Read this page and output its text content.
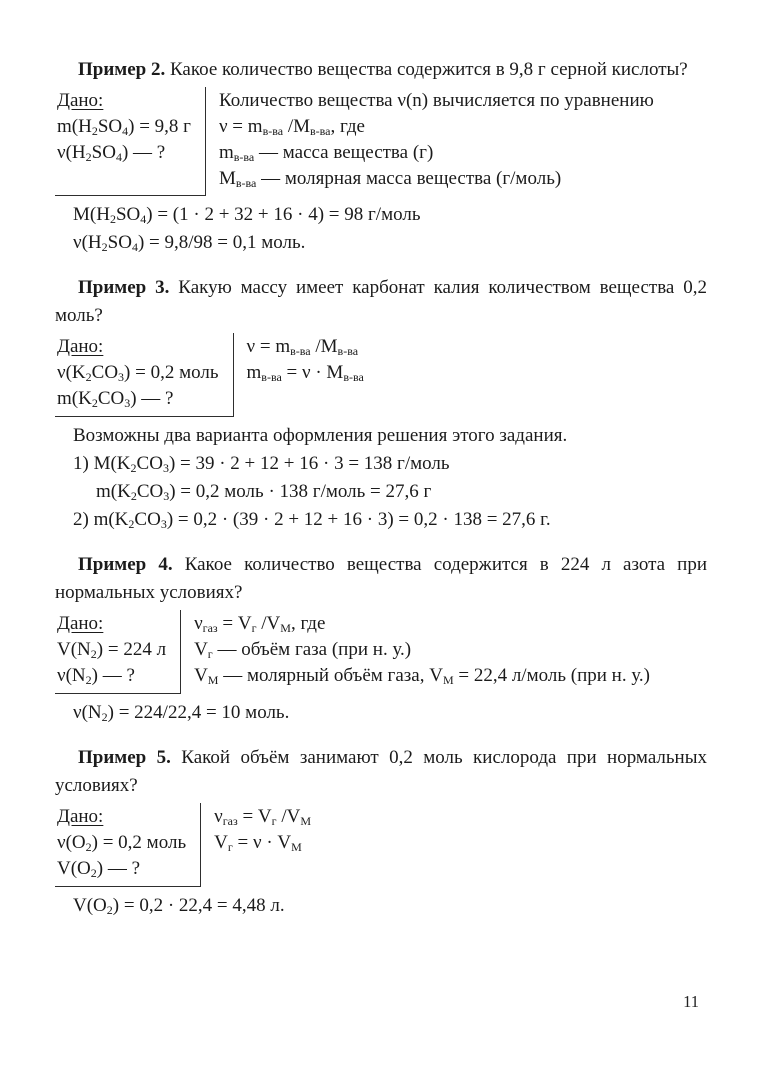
Пример 2. Какое количество вещества содержится в 9,8 г серной кислоты?

Дано:
$m(H_2SO_4) = 9,8$ г
$\nu(H_2SO_4)$ — ?
Количество вещества ν(n) вычисляется по уравнению
$\nu = m_{в-ва}$ $/M_{в-ва}$, где
$m_{в-ва}$ — масса вещества (г)
$M_{в-ва}$ — молярная масса вещества (г/моль)
$M(H_2SO_4) = (1 \cdot 2 + 32 + 16 \cdot 4) = 98$ г/моль
$\nu(H_2SO_4) = 9,8/98 = 0,1$ моль.

Пример 3. Какую массу имеет карбонат калия количеством вещества 0,2 моль?

Дано:
$\nu(K_2CO_3) = 0,2$ моль
$m(K_2CO_3)$ — ?
$\nu = m_{в-ва}$ $/M_{в-ва}$
$m_{в-ва} = \nu \cdot M_{в-ва}$

Возможны два варианта оформления решения этого задания.

1) $M(K_2CO_3) = 39 \cdot 2 + 12 + 16 \cdot 3 = 138$ г/моль
$m(K_2CO_3) = 0,2$ моль · 138 г/моль = 27,6 г
2) $m(K_2CO_3) = 0,2 \cdot (39 \cdot 2 + 12 + 16 \cdot 3) = 0,2 \cdot 138 = 27,6$ г.

Пример 4. Какое количество вещества содержится в 224 л азота при нормальных условиях?

Дано:
$V(N_2) = 224$ л
$\nu(N_2)$ — ?
$\nu_{газ} = V_г$ $/V_М$, где
$V_г$ — объём газа (при н. у.)
$V_М$ — молярный объём газа, $V_М = 22,4$ л/моль (при н. у.)
$\nu(N_2) = 224/22,4 = 10$ моль.

Пример 5. Какой объём занимают 0,2 моль кислорода при нормальных условиях?

Дано:
$\nu(O_2) = 0,2$ моль
$V(O_2)$ — ?
$\nu_{газ} = V_г$ $/V_М$
$V_г = \nu \cdot V_М$
$V(O_2) = 0,2 \cdot 22,4 = 4,48$ л.
11
